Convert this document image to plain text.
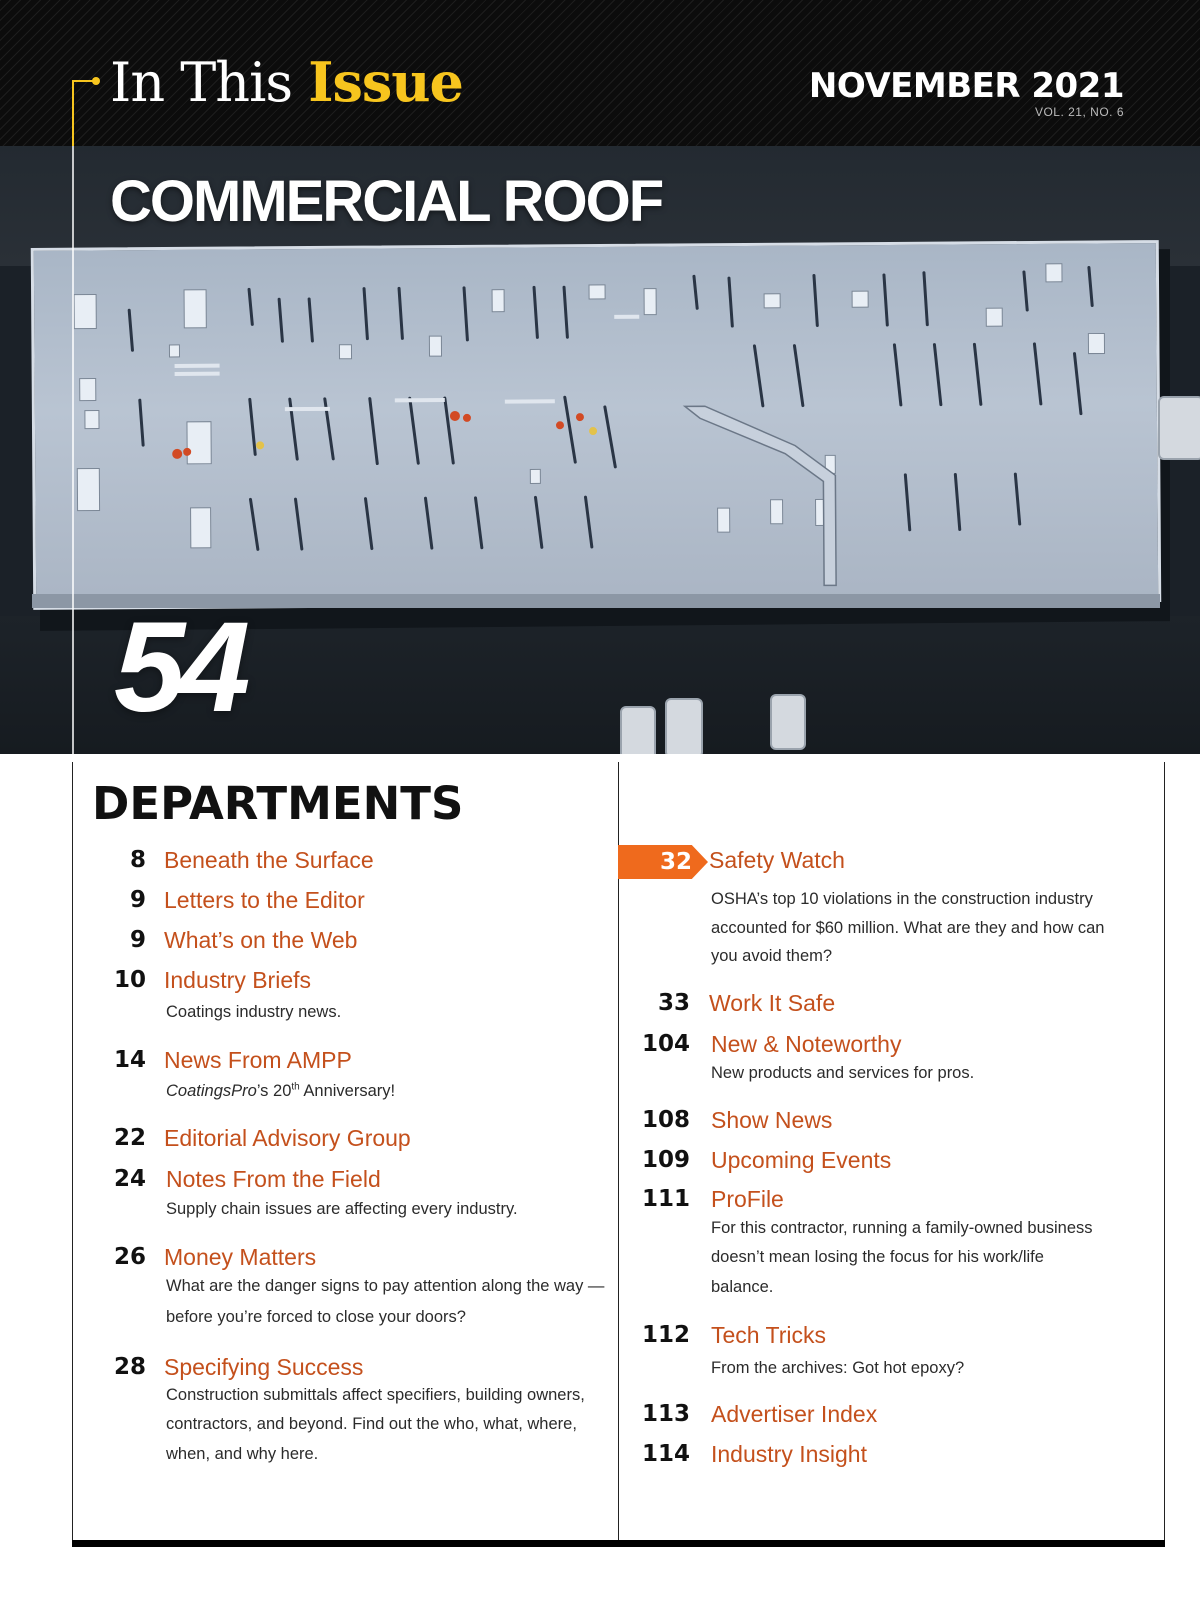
In This Issue	NOVEMBER 2021
VOL. 21, NO. 6
COMMERCIAL ROOF
54
DEPARTMENTS
8 Beneath the Surface
9 Letters to the Editor
9 What’s on the Web
10 Industry Briefs
Coatings industry news.
14 News From AMPP
CoatingsPro’s 20th Anniversary!
22 Editorial Advisory Group
24 Notes From the Field
Supply chain issues are affecting every industry.
26 Money Matters
What are the danger signs to pay attention along the way —
before you’re forced to close your doors?
28 Specifying Success
Construction submittals affect specifiers, building owners,
contractors, and beyond. Find out the who, what, where,
when, and why here.
32 Safety Watch
OSHA’s top 10 violations in the construction industry
accounted for $60 million. What are they and how can
you avoid them?
33 Work It Safe
104 New & Noteworthy
New products and services for pros.
108 Show News
109 Upcoming Events
111 ProFile
For this contractor, running a family-owned business
doesn’t mean losing the focus for his work/life
balance.
112 Tech Tricks
From the archives: Got hot epoxy?
113 Advertiser Index
114 Industry Insight
